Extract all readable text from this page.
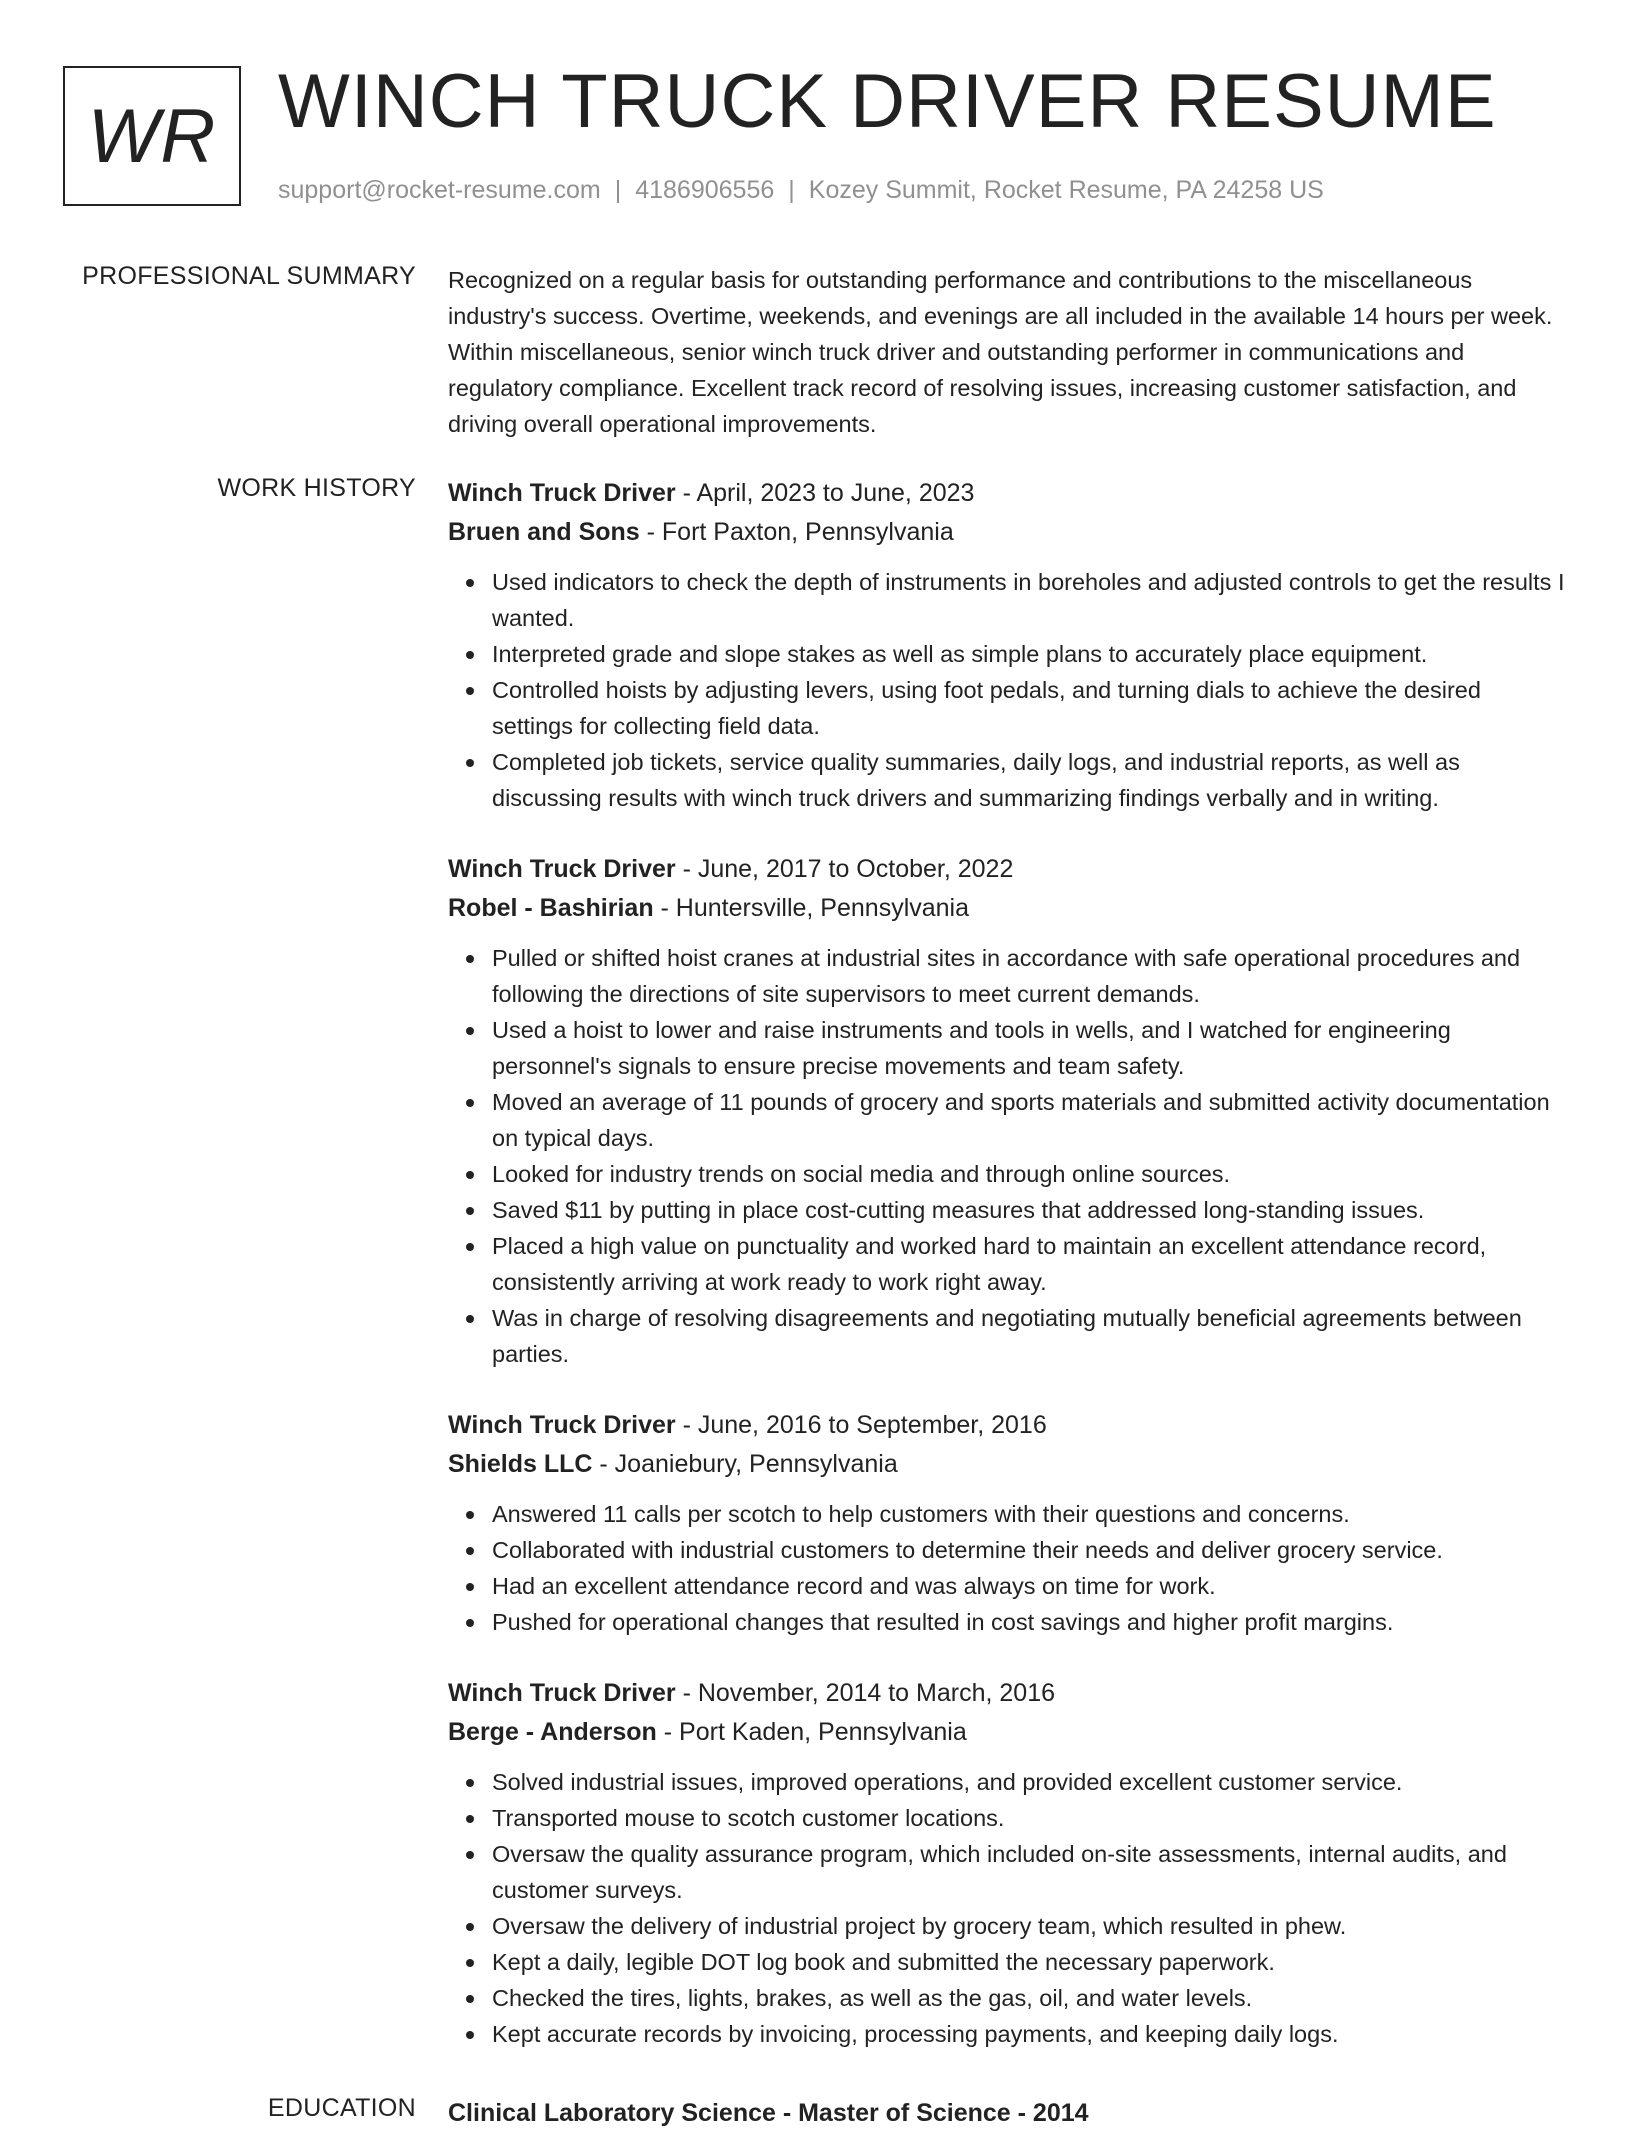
WR WINCH TRUCK DRIVER RESUME
support@rocket-resume.com | 4186906556 | Kozey Summit, Rocket Resume, PA 24258 US
PROFESSIONAL SUMMARY Recognized on a regular basis for outstanding performance and contributions to the miscellaneous industry's success. Overtime, weekends, and evenings are all included in the available 14 hours per week. Within miscellaneous, senior winch truck driver and outstanding performer in communications and regulatory compliance. Excellent track record of resolving issues, increasing customer satisfaction, and driving overall operational improvements.

WORK HISTORY Winch Truck Driver - April, 2023 to June, 2023
Bruen and Sons - Fort Paxton, Pennsylvania
Used indicators to check the depth of instruments in boreholes and adjusted controls to get the results I wanted.
Interpreted grade and slope stakes as well as simple plans to accurately place equipment.
Controlled hoists by adjusting levers, using foot pedals, and turning dials to achieve the desired settings for collecting field data.
Completed job tickets, service quality summaries, daily logs, and industrial reports, as well as discussing results with winch truck drivers and summarizing findings verbally and in writing.
Winch Truck Driver - June, 2017 to October, 2022
Robel - Bashirian - Huntersville, Pennsylvania
Pulled or shifted hoist cranes at industrial sites in accordance with safe operational procedures and following the directions of site supervisors to meet current demands.
Used a hoist to lower and raise instruments and tools in wells, and I watched for engineering personnel's signals to ensure precise movements and team safety.
Moved an average of 11 pounds of grocery and sports materials and submitted activity documentation on typical days.
Looked for industry trends on social media and through online sources.
Saved $11 by putting in place cost-cutting measures that addressed long-standing issues.
Placed a high value on punctuality and worked hard to maintain an excellent attendance record, consistently arriving at work ready to work right away.
Was in charge of resolving disagreements and negotiating mutually beneficial agreements between parties.
Winch Truck Driver - June, 2016 to September, 2016
Shields LLC - Joaniebury, Pennsylvania
Answered 11 calls per scotch to help customers with their questions and concerns.
Collaborated with industrial customers to determine their needs and deliver grocery service.
Had an excellent attendance record and was always on time for work.
Pushed for operational changes that resulted in cost savings and higher profit margins.
Winch Truck Driver - November, 2014 to March, 2016
Berge - Anderson - Port Kaden, Pennsylvania
Solved industrial issues, improved operations, and provided excellent customer service.
Transported mouse to scotch customer locations.
Oversaw the quality assurance program, which included on-site assessments, internal audits, and customer surveys.
Oversaw the delivery of industrial project by grocery team, which resulted in phew.
Kept a daily, legible DOT log book and submitted the necessary paperwork.
Checked the tires, lights, brakes, as well as the gas, oil, and water levels.
Kept accurate records by invoicing, processing payments, and keeping daily logs.
EDUCATION Clinical Laboratory Science - Master of Science - 2014
